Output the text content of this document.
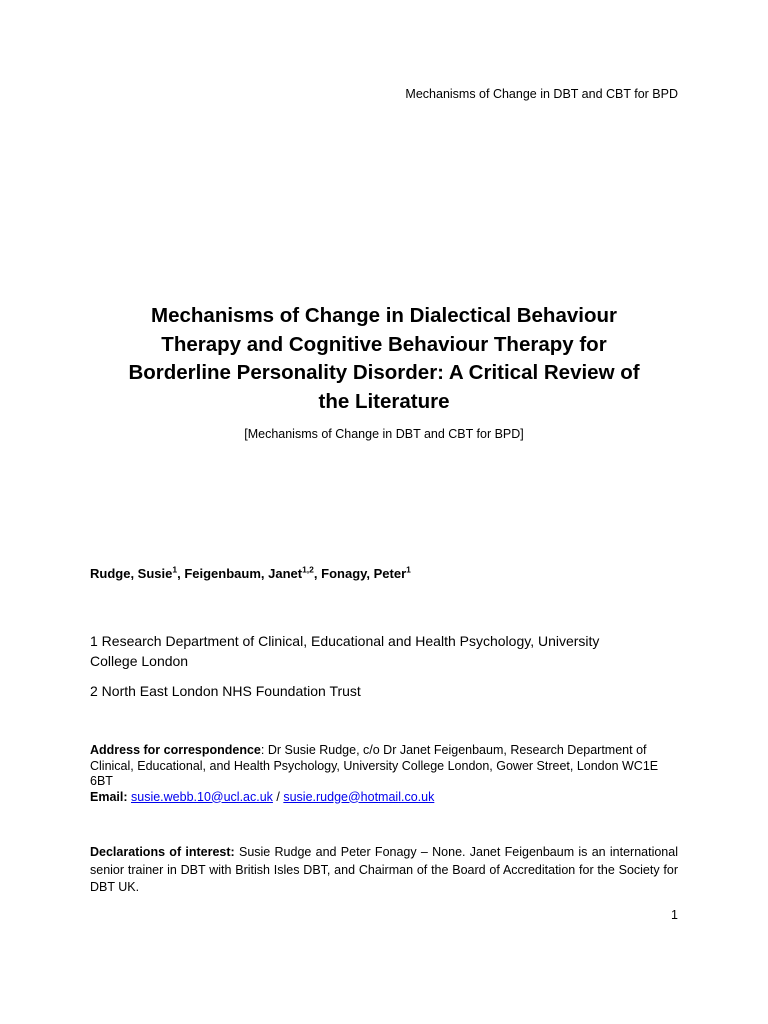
Mechanisms of Change in DBT and CBT for BPD
Mechanisms of Change in Dialectical Behaviour
Therapy and Cognitive Behaviour Therapy for
Borderline Personality Disorder: A Critical Review of
the Literature
[Mechanisms of Change in DBT and CBT for BPD]
Rudge, Susie$^1$, Feigenbaum, Janet$^{1,2}$, Fonagy, Peter$^1$
1 Research Department of Clinical, Educational and Health Psychology, University College London
2 North East London NHS Foundation Trust
Address for correspondence: Dr Susie Rudge, c/o Dr Janet Feigenbaum, Research Department of Clinical, Educational, and Health Psychology, University College London, Gower Street, London WC1E 6BT
Email: susie.webb.10@ucl.ac.uk / susie.rudge@hotmail.co.uk
Declarations of interest: Susie Rudge and Peter Fonagy – None. Janet Feigenbaum is an international senior trainer in DBT with British Isles DBT, and Chairman of the Board of Accreditation for the Society for DBT UK.
1
